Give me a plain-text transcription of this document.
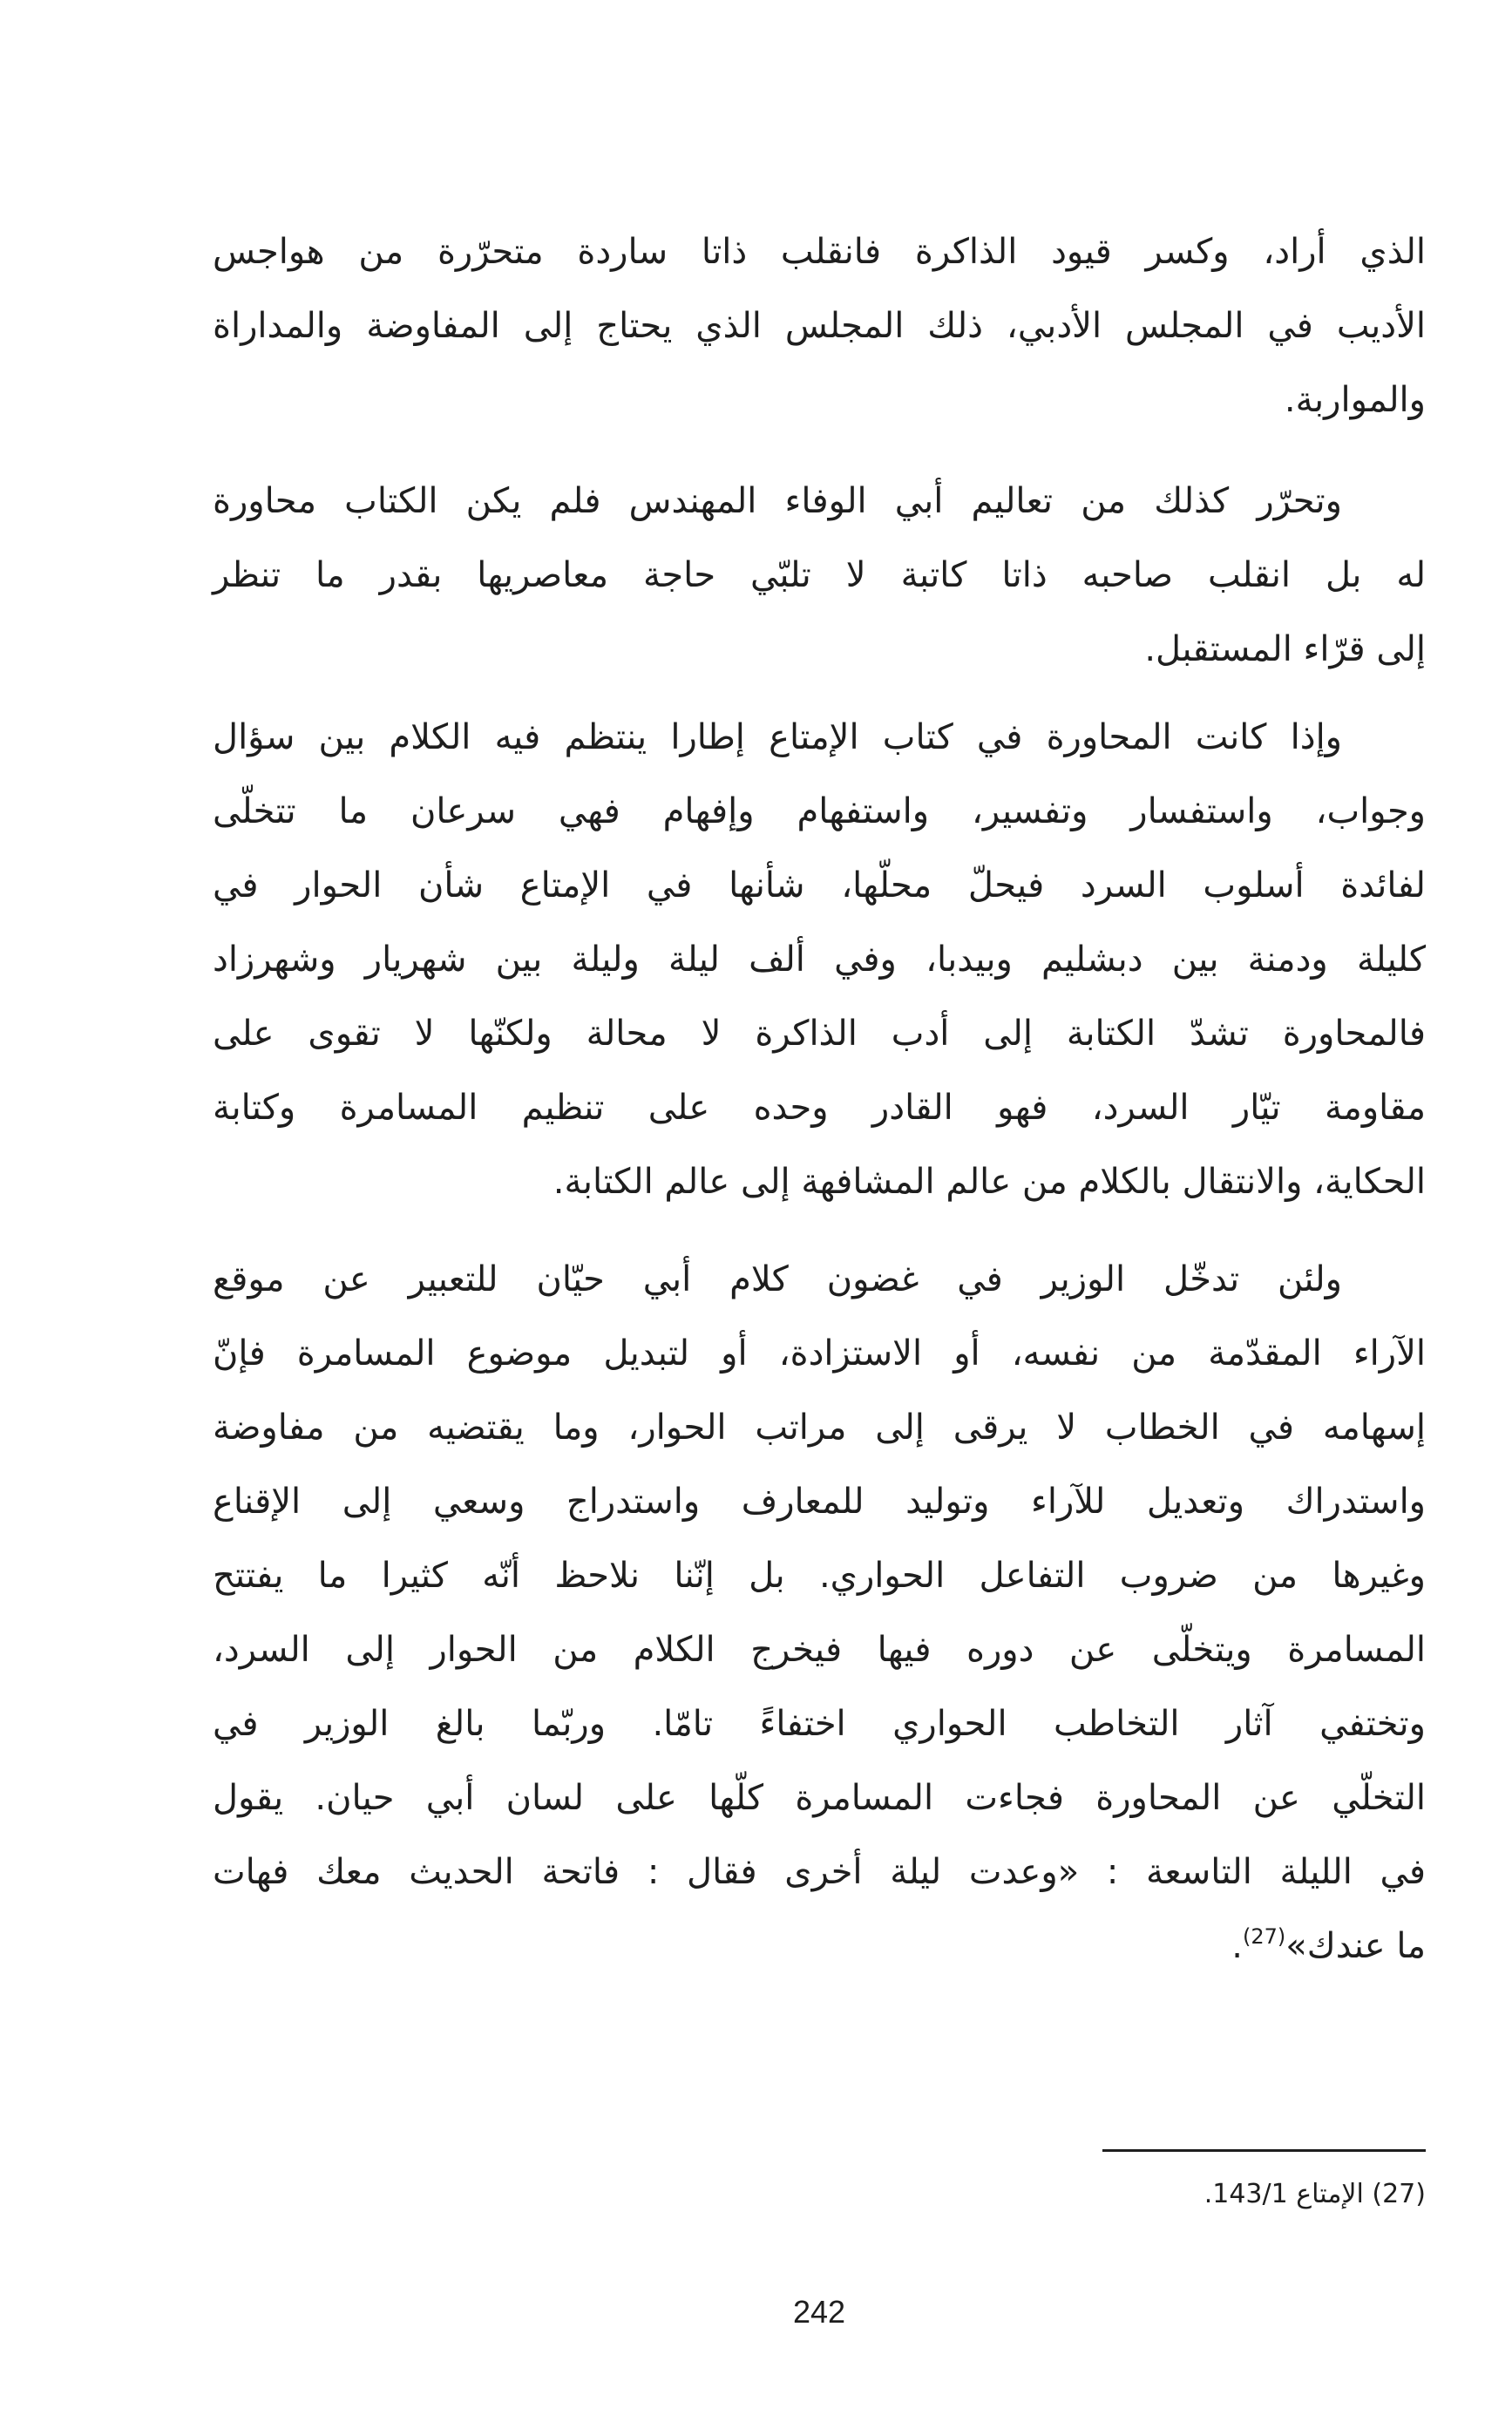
الذي أراد، وكسر قيود الذاكرة فانقلب ذاتا ساردة متحرّرة من هواجس
الأديب في المجلس الأدبي، ذلك المجلس الذي يحتاج إلى المفاوضة والمداراة
والمواربة.
وتحرّر كذلك من تعاليم أبي الوفاء المهندس فلم يكن الكتاب محاورة
له بل انقلب صاحبه ذاتا كاتبة لا تلبّي حاجة معاصريها بقدر ما تنظر
إلى قرّاء المستقبل.
وإذا كانت المحاورة في كتاب الإمتاع إطارا ينتظم فيه الكلام بين سؤال
وجواب، واستفسار وتفسير، واستفهام وإفهام فهي سرعان ما تتخلّى
لفائدة أسلوب السرد فيحلّ محلّها، شأنها في الإمتاع شأن الحوار في
كليلة ودمنة بين دبشليم وبيدبا، وفي ألف ليلة وليلة بين شهريار وشهرزاد
فالمحاورة تشدّ الكتابة إلى أدب الذاكرة لا محالة ولكنّها لا تقوى على
مقاومة تيّار السرد، فهو القادر وحده على تنظيم المسامرة وكتابة
الحكاية، والانتقال بالكلام من عالم المشافهة إلى عالم الكتابة.
ولئن تدخّل الوزير في غضون كلام أبي حيّان للتعبير عن موقع
الآراء المقدّمة من نفسه، أو الاستزادة، أو لتبديل موضوع المسامرة فإنّ
إسهامه في الخطاب لا يرقى إلى مراتب الحوار، وما يقتضيه من مفاوضة
واستدراك وتعديل للآراء وتوليد للمعارف واستدراج وسعي إلى الإقناع
وغيرها من ضروب التفاعل الحواري. بل إنّنا نلاحظ أنّه كثيرا ما يفتتح
المسامرة ويتخلّى عن دوره فيها فيخرج الكلام من الحوار إلى السرد،
وتختفي آثار التخاطب الحواري اختفاءً تامّا. وربّما بالغ الوزير في
التخلّي عن المحاورة فجاءت المسامرة كلّها على لسان أبي حيان. يقول
في الليلة التاسعة : «وعدت ليلة أخرى فقال : فاتحة الحديث معك فهات
ما عندك»$^{(27)}$.
(27) الإمتاع 143/1.
242
